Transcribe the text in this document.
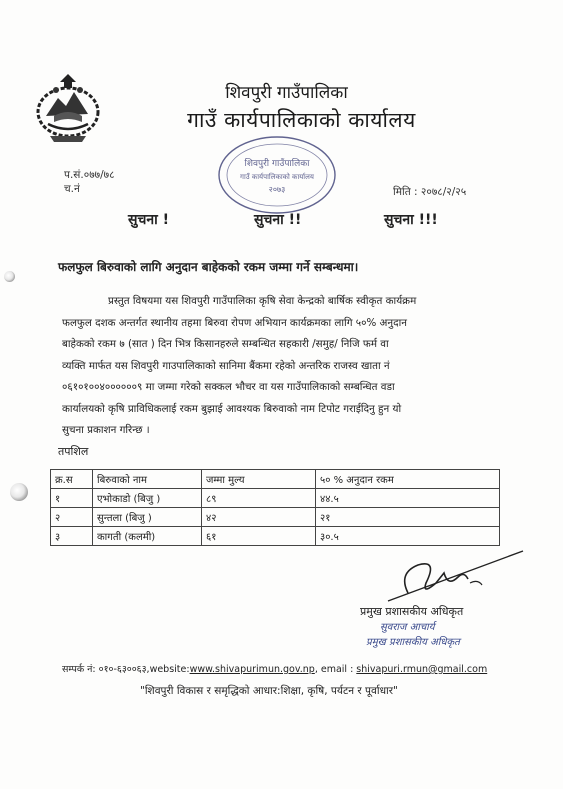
शिवपुरी गाउँपालिका
गाउँ कार्यपालिकाको कार्यालय
शिवपुरी गाउँपालिका
गाउँ कार्यपालिकाको कार्यालय
२०७३
प.सं.०७७/७८
च.नं	मिति : २०७८/२/२५
सुचना !	सुचना !!	सुचना !!!
फलफुल बिरुवाको लागि अनुदान बाहेकको रकम जम्मा गर्ने सम्बन्धमा।
प्रस्तुत विषयमा यस शिवपुरी गाउँपालिका कृषि सेवा केन्द्रको बार्षिक स्वीकृत कार्यक्रम
फलफुल दशक अन्तर्गत स्थानीय तहमा बिरुवा रोपण अभियान कार्यक्रमका लागि ५०% अनुदान
बाहेकको रकम ७ (सात ) दिन भित्र किसानहरुले सम्बन्धित सहकारी /समुह/ निजि फर्म वा
व्यक्ति मार्फत यस शिवपुरी गाउपालिकाको सानिमा बैंकमा रहेको अन्तरिक राजस्व खाता नं
०६१०१००४००००००९ मा जम्मा गरेको सक्कल भौचर वा यस गाउँपालिकाको सम्बन्धित वडा
कार्यालयको कृषि प्राविधिकलाई रकम बुझाई आवश्यक बिरुवाको नाम टिपोट गराईदिनु हुन यो
सुचना प्रकाशन गरिन्छ ।
तपशिल
क्र.स	बिरुवाको नाम	जम्मा मुल्य	५० % अनुदान रकम
१	एभोकाडो (बिजु )	८९	४४.५
२	सुन्तला (बिजु )	४२	२१
३	कागती (कलमी)	६१	३०.५
प्रमुख प्रशासकीय अधिकृत
सुवराज आचार्य
प्रमुख प्रशासकीय अधिकृत
सम्पर्क नं: ०१०-६३००६३,website:www.shivapurimun.gov.np, email : shivapuri.rmun@gmail.com
"शिवपुरी विकास र समृद्धिको आधार:शिक्षा, कृषि, पर्यटन र पूर्वाधार"
